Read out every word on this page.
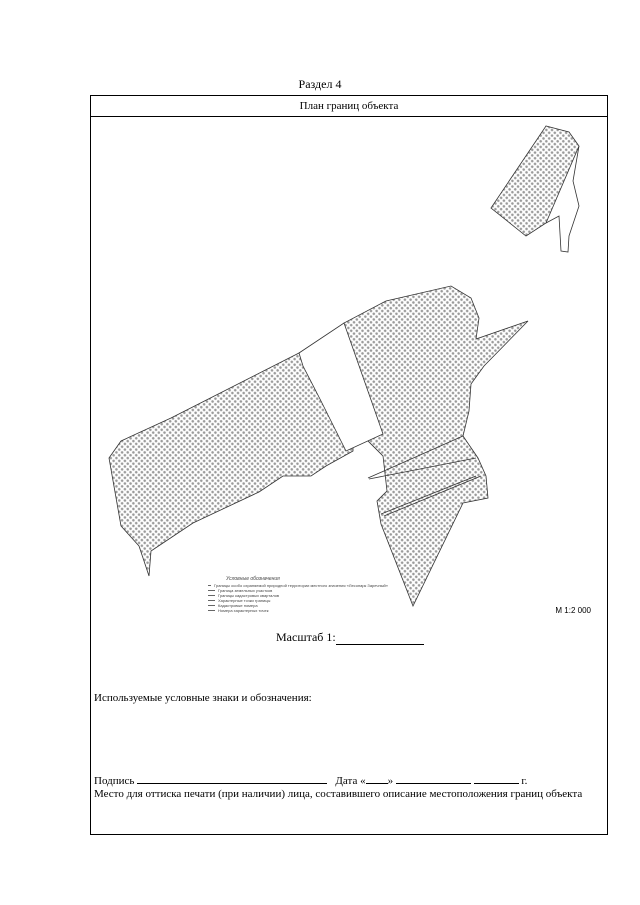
Раздел 4
План границ объекта
Условные обозначения
Границы особо охраняемой природной территории местного значения «Лесопарк Заречный»
Граница земельных участков
Границы кадастровых кварталов
Характерные точки границы
Кадастровые номера
Номера характерных точек	М 1:2 000
Масштаб 1:
Используемые условные знаки и обозначения:
Подпись	Дата « »	г.
Место для оттиска печати (при наличии) лица, составившего описание местоположения границ объекта
